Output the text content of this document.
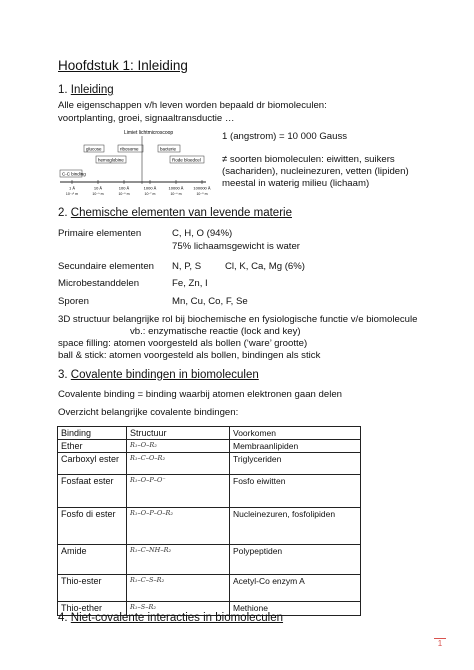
Hoofdstuk 1: Inleiding
1. Inleiding
Alle eigenschappen v/h leven worden bepaald dr biomoleculen:
voortplanting, groei, signaaltransductie …
Limiet lichtmicroscoop
C-C binding
glucose
hemoglobine
ribosome	bacterie
Rode bloedcel
1 Å
10⁻¹⁰ m
10 Å
10⁻⁹ m
100 Å
10⁻⁸ m
1000 Å
10⁻⁷ m
10000 Å
10⁻⁶ m
100000 Å
10⁻⁵ m
1 (angstrom) = 10 000 Gauss
≠ soorten biomoleculen: eiwitten, suikers
(sachariden), nucleinezuren, vetten (lipiden)
meestal in waterig milieu (lichaam)
2. Chemische elementen van levende materie
Primaire elementen	C, H, O (94%)
75% lichaamsgewicht is water
Secundaire elementen N, P, S Cl, K, Ca, Mg (6%)
Microbestanddelen	Fe, Zn, I
Sporen	Mn, Cu, Co, F, Se
3D structuur belangrijke rol bij biochemische en fysiologische functie v/e biomolecule
vb.: enzymatische reactie (lock and key)
space filling: atomen voorgesteld als bollen (‘ware’ grootte)
ball & stick: atomen voorgesteld als bollen, bindingen als stick
3. Covalente bindingen in biomoleculen
Covalente binding = binding waarbij atomen elektronen gaan delen
Overzicht belangrijke covalente bindingen:
Binding	Structuur	Voorkomen
Ether	R₁–O–R₂	Membraanlipiden
Carboxyl ester	R₁–C–O–R₂	Triglyceriden
Fosfaat ester	R₁–O–P–O⁻	Fosfo eiwitten
Fosfo di ester	R₁–O–P–O–R₂	Nucleinezuren, fosfolipiden
Amide	R₁–C–NH–R₂	Polypeptiden
Thio-ester	R₁–C–S–R₂	Acetyl-Co enzym A
Thio-ether	R₁–S–R₂	Methione
4. Niet-covalente interacties in biomoleculen
1
